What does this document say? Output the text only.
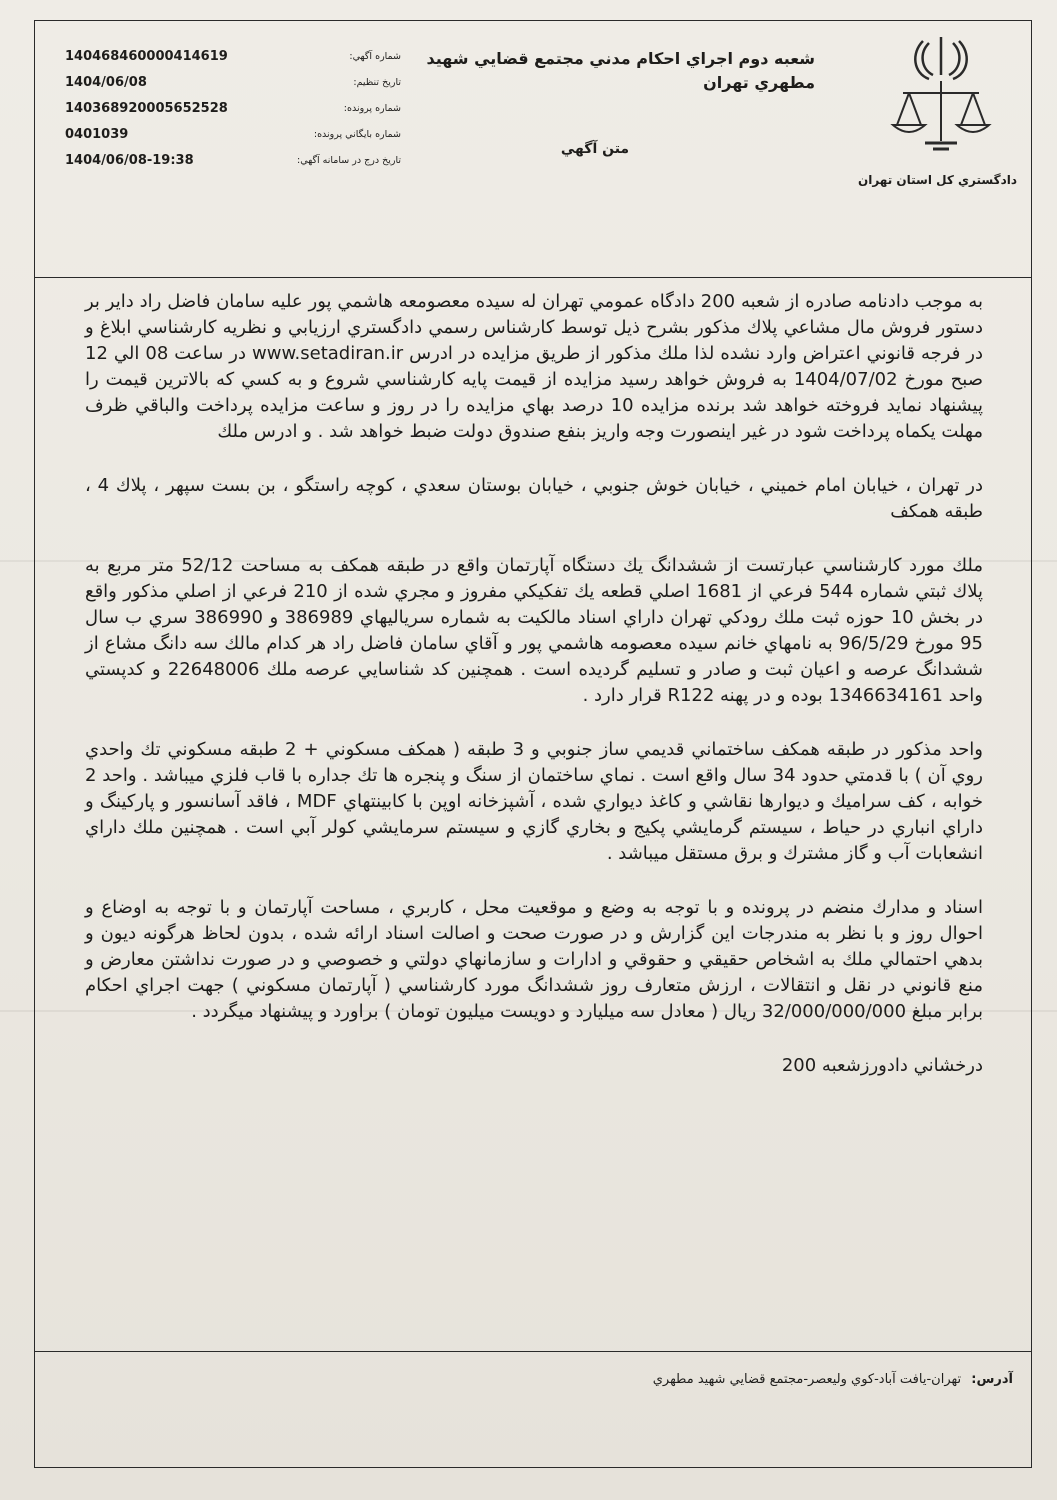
دادگستري كل استان تهران
شعبه دوم اجراي احكام مدني مجتمع قضايي شهيد مطهري تهران
متن آگهي
140468460000414619	شماره آگهي:
1404/06/08	تاريخ تنظيم:
140368920005652528	شماره پرونده:
0401039	شماره بايگاني پرونده:
1404/06/08-19:38	تاريخ درج در سامانه آگهي:

به موجب دادنامه صادره از شعبه 200 دادگاه عمومي تهران له سيده معصومعه هاشمي پور عليه سامان فاضل راد داير بر دستور فروش مال مشاعي پلاك مذكور بشرح ذيل توسط كارشناس رسمي دادگستري ارزيابي و نظريه كارشناسي ابلاغ و در فرجه قانوني اعتراض وارد نشده لذا ملك مذكور از طريق مزايده در ادرس www.setadiran.ir در ساعت 08 الي 12 صبح مورخ 1404/07/02 به فروش خواهد رسيد مزايده از قيمت پايه كارشناسي شروع و به كسي كه بالاترين قيمت را پيشنهاد نمايد فروخته خواهد شد برنده مزايده 10 درصد بهاي مزايده را در روز و ساعت مزايده پرداخت والباقي ظرف مهلت يكماه پرداخت شود در غير اينصورت وجه واريز بنفع صندوق دولت ضبط خواهد شد . و ادرس ملك

در تهران ، خيابان امام خميني ، خيابان خوش جنوبي ، خيابان بوستان سعدي ، كوچه راستگو ، بن بست سپهر ، پلاك 4 ، طبقه همكف

ملك مورد كارشناسي عبارتست از ششدانگ يك دستگاه آپارتمان واقع در طبقه همكف به مساحت 52/12 متر مربع به پلاك ثبتي شماره 544 فرعي از 1681 اصلي قطعه يك تفكيكي مفروز و مجري شده از 210 فرعي از اصلي مذكور واقع در بخش 10 حوزه ثبت ملك رودكي تهران داراي اسناد مالكيت به شماره سرياليهاي 386989 و 386990 سري ب سال 95 مورخ 96/5/29 به نامهاي خانم سيده معصومه هاشمي پور و آقاي سامان فاضل راد هر كدام مالك سه دانگ مشاع از ششدانگ عرصه و اعيان ثبت و صادر و تسليم گرديده است . همچنين كد شناسايي عرصه ملك 22648006 و كدپستي واحد 1346634161 بوده و در پهنه R122 قرار دارد .

واحد مذكور در طبقه همكف ساختماني قديمي ساز جنوبي و 3 طبقه ( همكف مسكوني + 2 طبقه مسكوني تك واحدي روي آن ) با قدمتي حدود 34 سال واقع است . نماي ساختمان از سنگ و پنجره ها تك جداره با قاب فلزي ميباشد . واحد 2 خوابه ، كف سراميك و ديوارها نقاشي و كاغذ ديواري شده ، آشپزخانه اوپن با كابينتهاي MDF ، فاقد آسانسور و پاركينگ و داراي انباري در حياط ، سيستم گرمايشي پكيج و بخاري گازي و سيستم سرمايشي كولر آبي است . همچنين ملك داراي انشعابات آب و گاز مشترك و برق مستقل ميباشد .

اسناد و مدارك منضم در پرونده و با توجه به وضع و موقعيت محل ، كاربري ، مساحت آپارتمان و با توجه به اوضاع و احوال روز و با نظر به مندرجات اين گزارش و در صورت صحت و اصالت اسناد ارائه شده ، بدون لحاظ هرگونه ديون و بدهي احتمالي ملك به اشخاص حقيقي و حقوقي و ادارات و سازمانهاي دولتي و خصوصي و در صورت نداشتن معارض و منع قانوني در نقل و انتقالات ، ارزش متعارف روز ششدانگ مورد كارشناسي ( آپارتمان مسكوني ) جهت اجراي احكام برابر مبلغ 32/000/000/000 ريال ( معادل سه ميليارد و دويست ميليون تومان ) براورد و پيشنهاد ميگردد .

درخشاني دادورزشعبه 200

آدرس: تهران-يافت آباد-كوي وليعصر-مجتمع قضايي شهيد مطهري
